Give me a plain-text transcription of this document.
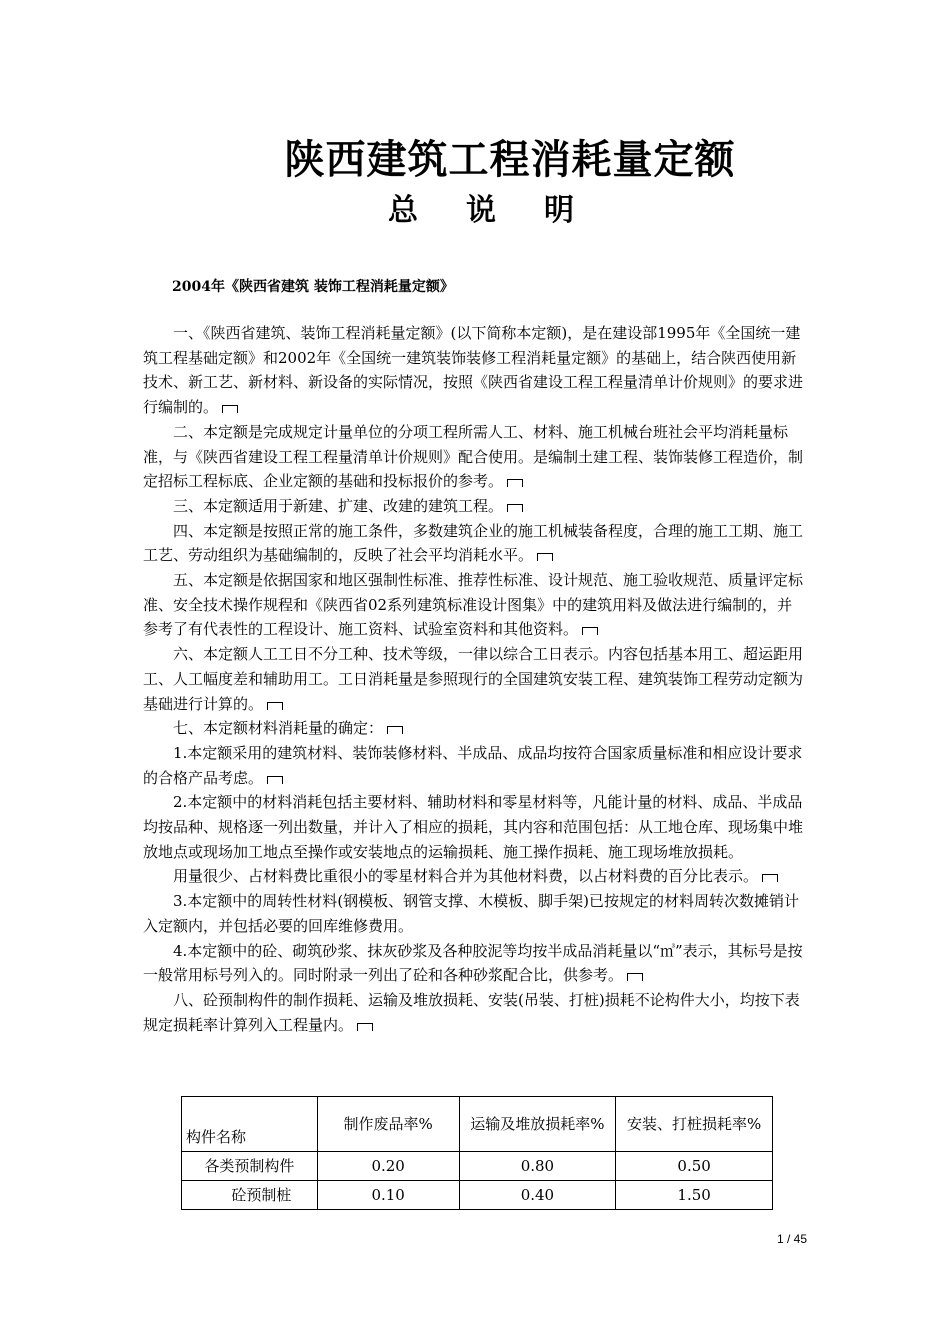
陕西建筑工程消耗量定额
总说明
2004年《陕西省建筑 装饰工程消耗量定额》

一、《陕西省建筑、装饰工程消耗量定额》(以下简称本定额)，是在建设部1995年《全国统一建筑工程基础定额》和2002年《全国统一建筑装饰装修工程消耗量定额》的基础上，结合陕西使用新技术、新工艺、新材料、新设备的实际情况，按照《陕西省建设工程工程量清单计价规则》的要求进行编制的。

二、本定额是完成规定计量单位的分项工程所需人工、材料、施工机械台班社会平均消耗量标准，与《陕西省建设工程工程量清单计价规则》配合使用。是编制土建工程、装饰装修工程造价，制定招标工程标底、企业定额的基础和投标报价的参考。

三、本定额适用于新建、扩建、改建的建筑工程。

四、本定额是按照正常的施工条件，多数建筑企业的施工机械装备程度，合理的施工工期、施工工艺、劳动组织为基础编制的，反映了社会平均消耗水平。

五、本定额是依据国家和地区强制性标准、推荐性标准、设计规范、施工验收规范、质量评定标准、安全技术操作规程和《陕西省02系列建筑标准设计图集》中的建筑用料及做法进行编制的，并参考了有代表性的工程设计、施工资料、试验室资料和其他资料。

六、本定额人工工日不分工种、技术等级，一律以综合工日表示。内容包括基本用工、超运距用工、人工幅度差和辅助用工。工日消耗量是参照现行的全国建筑安装工程、建筑装饰工程劳动定额为基础进行计算的。

七、本定额材料消耗量的确定：

1.本定额采用的建筑材料、装饰装修材料、半成品、成品均按符合国家质量标准和相应设计要求的合格产品考虑。

2.本定额中的材料消耗包括主要材料、辅助材料和零星材料等，凡能计量的材料、成品、半成品均按品种、规格逐一列出数量，并计入了相应的损耗，其内容和范围包括：从工地仓库、现场集中堆放地点或现场加工地点至操作或安装地点的运输损耗、施工操作损耗、施工现场堆放损耗。

用量很少、占材料费比重很小的零星材料合并为其他材料费，以占材料费的百分比表示。

3.本定额中的周转性材料(钢模板、钢管支撑、木模板、脚手架)已按规定的材料周转次数摊销计入定额内，并包括必要的回库维修费用。

4.本定额中的砼、砌筑砂浆、抹灰砂浆及各种胶泥等均按半成品消耗量以“㎥”表示，其标号是按一般常用标号列入的。同时附录一列出了砼和各种砂浆配合比，供参考。

八、砼预制构件的制作损耗、运输及堆放损耗、安装(吊装、打桩)损耗不论构件大小，均按下表规定损耗率计算列入工程量内。

构件名称	制作废品率%	运输及堆放损耗率%	安装、打桩损耗率%
各类预制构件	0.20	0.80	0.50
砼预制桩	0.10	0.40	1.50
1 / 45
